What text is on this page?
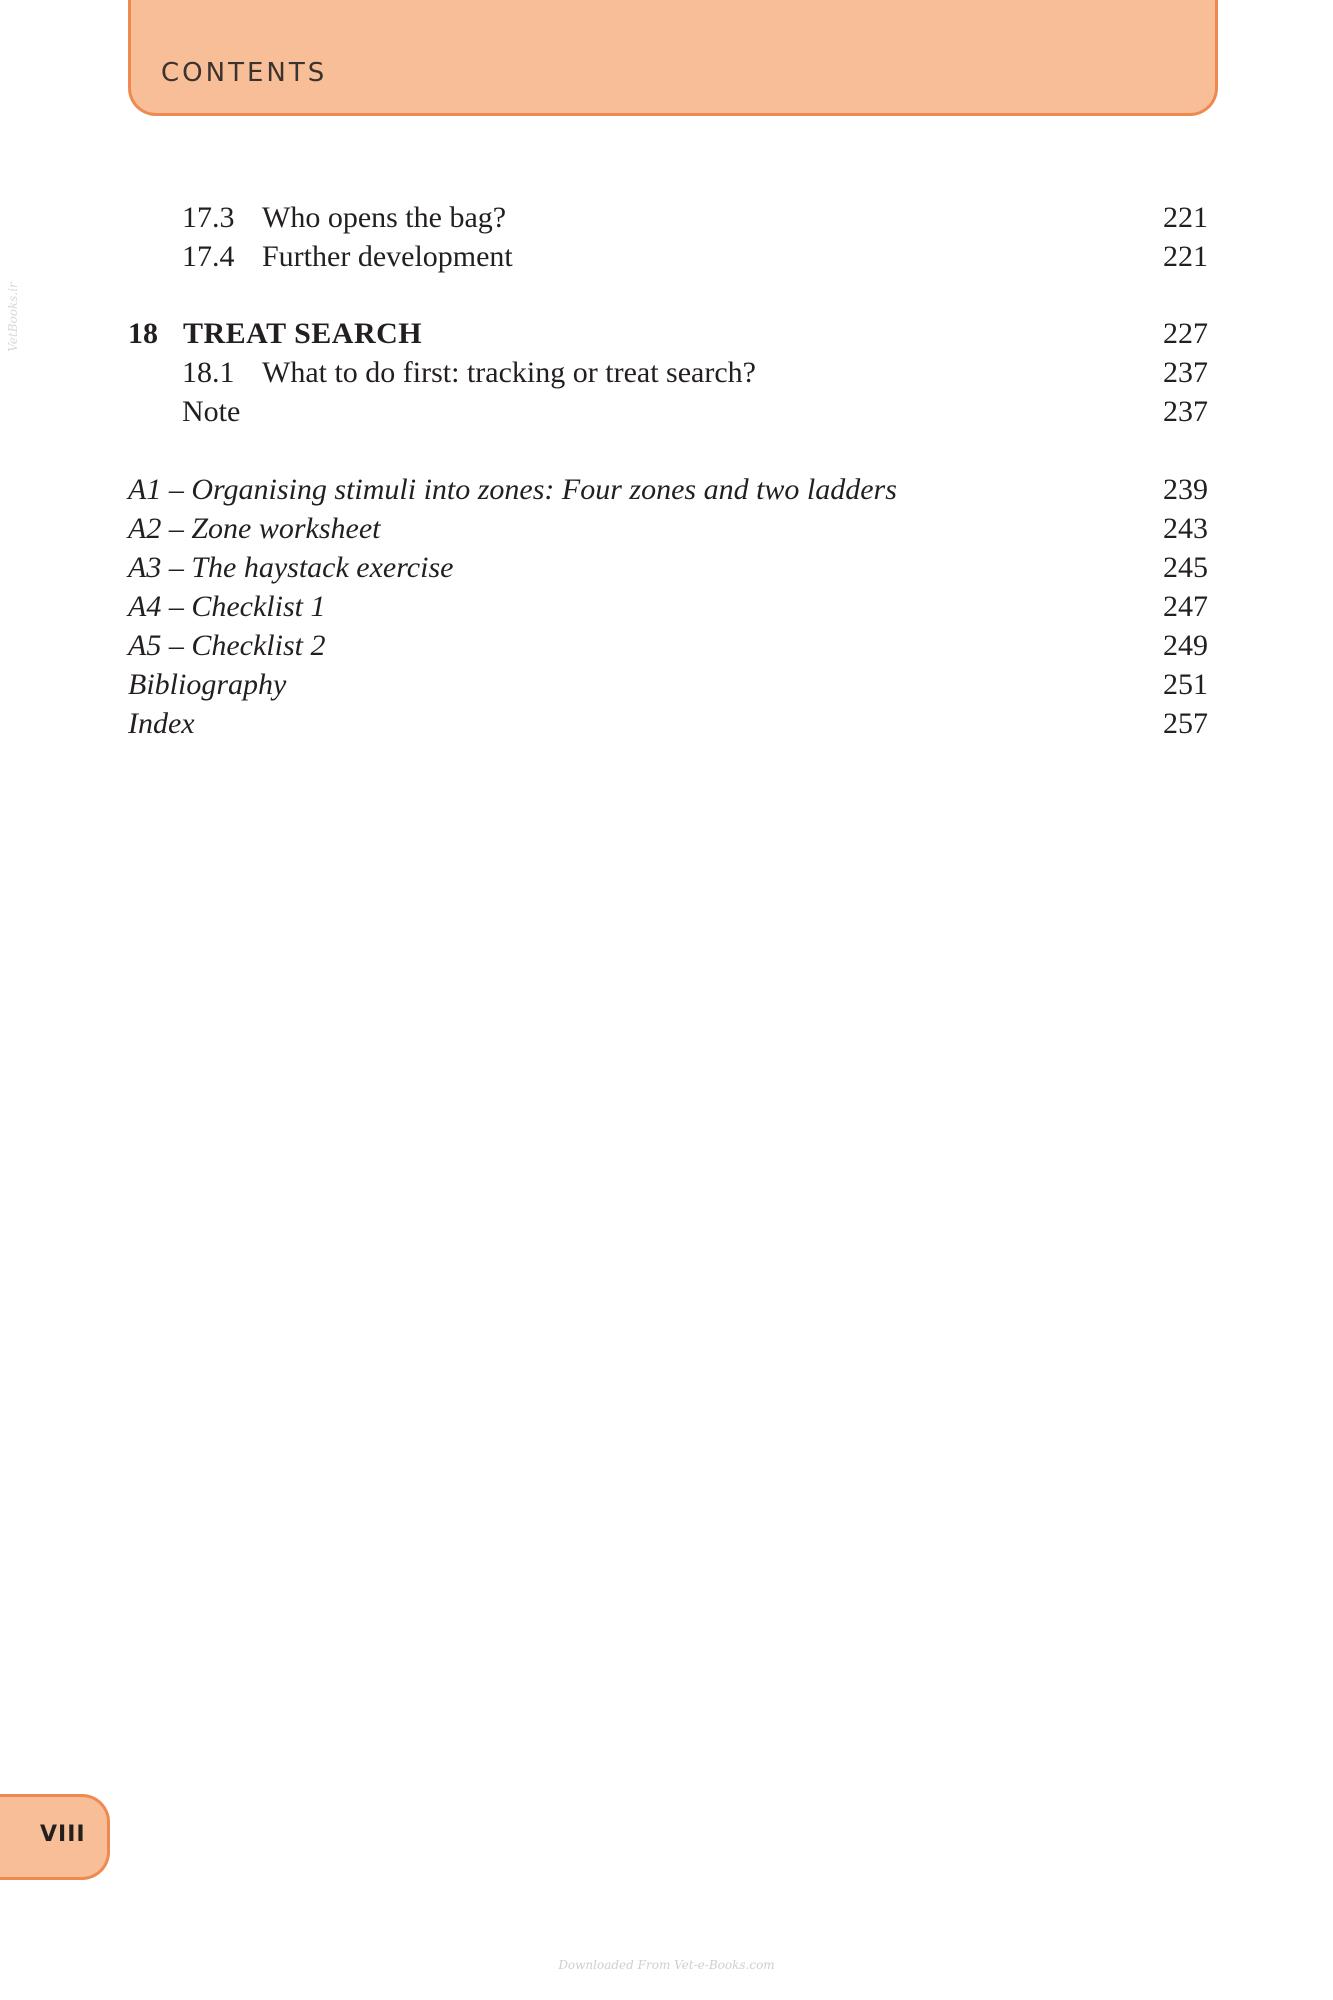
CONTENTS
VetBooks.ir
17.3 Who opens the bag?	221
17.4 Further development	221
18 TREAT SEARCH	227
18.1 What to do first: tracking or treat search?	237
Note	237
A1 – Organising stimuli into zones: Four zones and two ladders	239
A2 – Zone worksheet	243
A3 – The haystack exercise	245
A4 – Checklist 1	247
A5 – Checklist 2	249
Bibliography	251
Index	257
VIII
Downloaded From Vet-e-Books.com
